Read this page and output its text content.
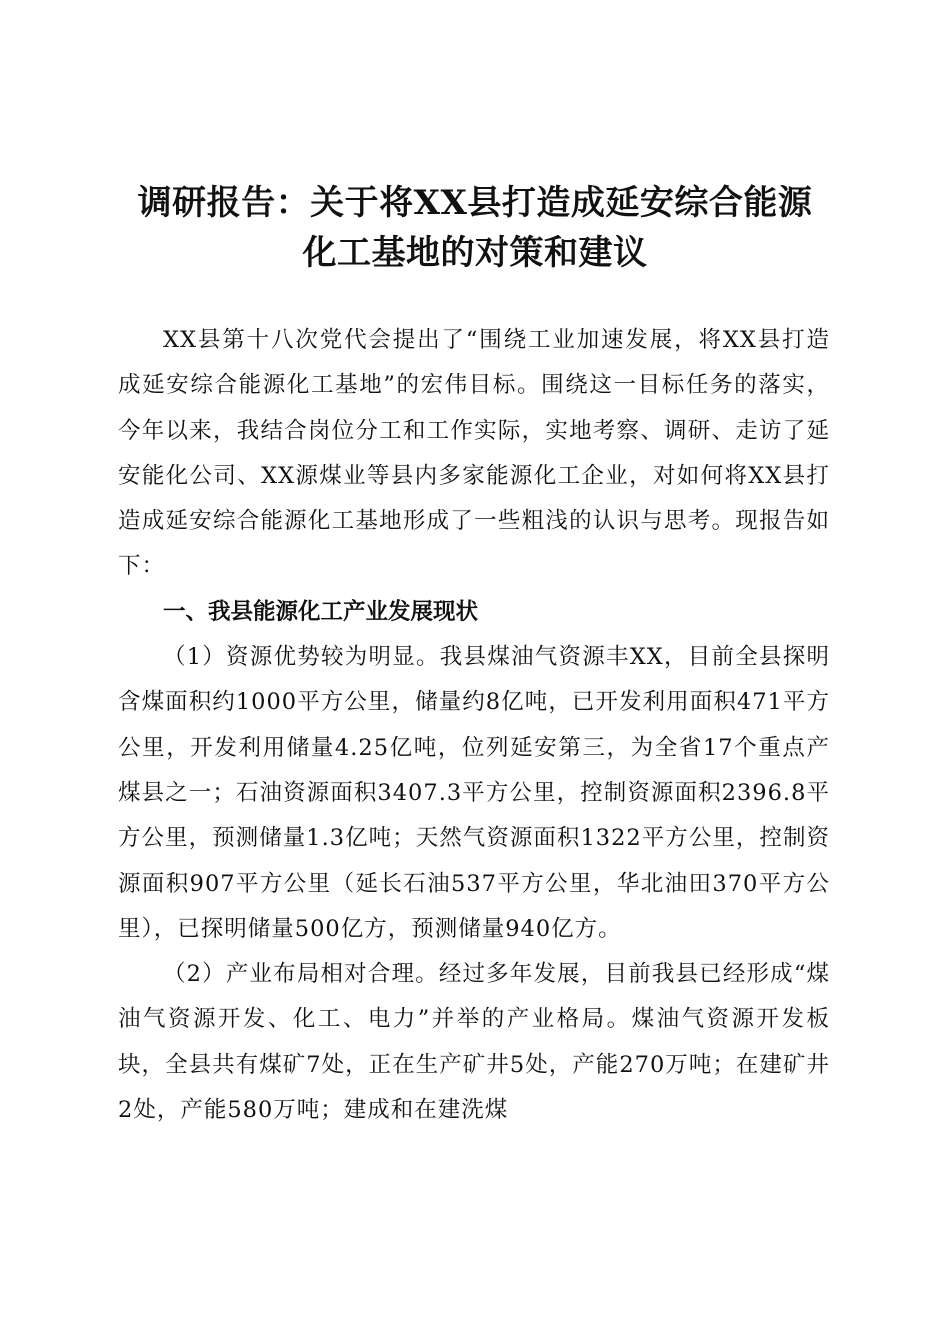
调研报告：关于将XX县打造成延安综合能源
化工基地的对策和建议

XX县第十八次党代会提出了“围绕工业加速发展，将XX县打造成延安综合能源化工基地”的宏伟目标。围绕这一目标任务的落实，今年以来，我结合岗位分工和工作实际，实地考察、调研、走访了延安能化公司、XX源煤业等县内多家能源化工企业，对如何将XX县打造成延安综合能源化工基地形成了一些粗浅的认识与思考。现报告如下：

一、我县能源化工产业发展现状

（1）资源优势较为明显。我县煤油气资源丰XX，目前全县探明含煤面积约1000平方公里，储量约8亿吨，已开发利用面积471平方公里，开发利用储量4.25亿吨，位列延安第三，为全省17个重点产煤县之一；石油资源面积3407.3平方公里，控制资源面积2396.8平方公里，预测储量1.3亿吨；天然气资源面积1322平方公里，控制资源面积907平方公里（延长石油537平方公里，华北油田370平方公里），已探明储量500亿方，预测储量940亿方。

（2）产业布局相对合理。经过多年发展，目前我县已经形成“煤油气资源开发、化工、电力”并举的产业格局。煤油气资源开发板块，全县共有煤矿7处，正在生产矿井5处，产能270万吨；在建矿井2处，产能580万吨；建成和在建洗煤
